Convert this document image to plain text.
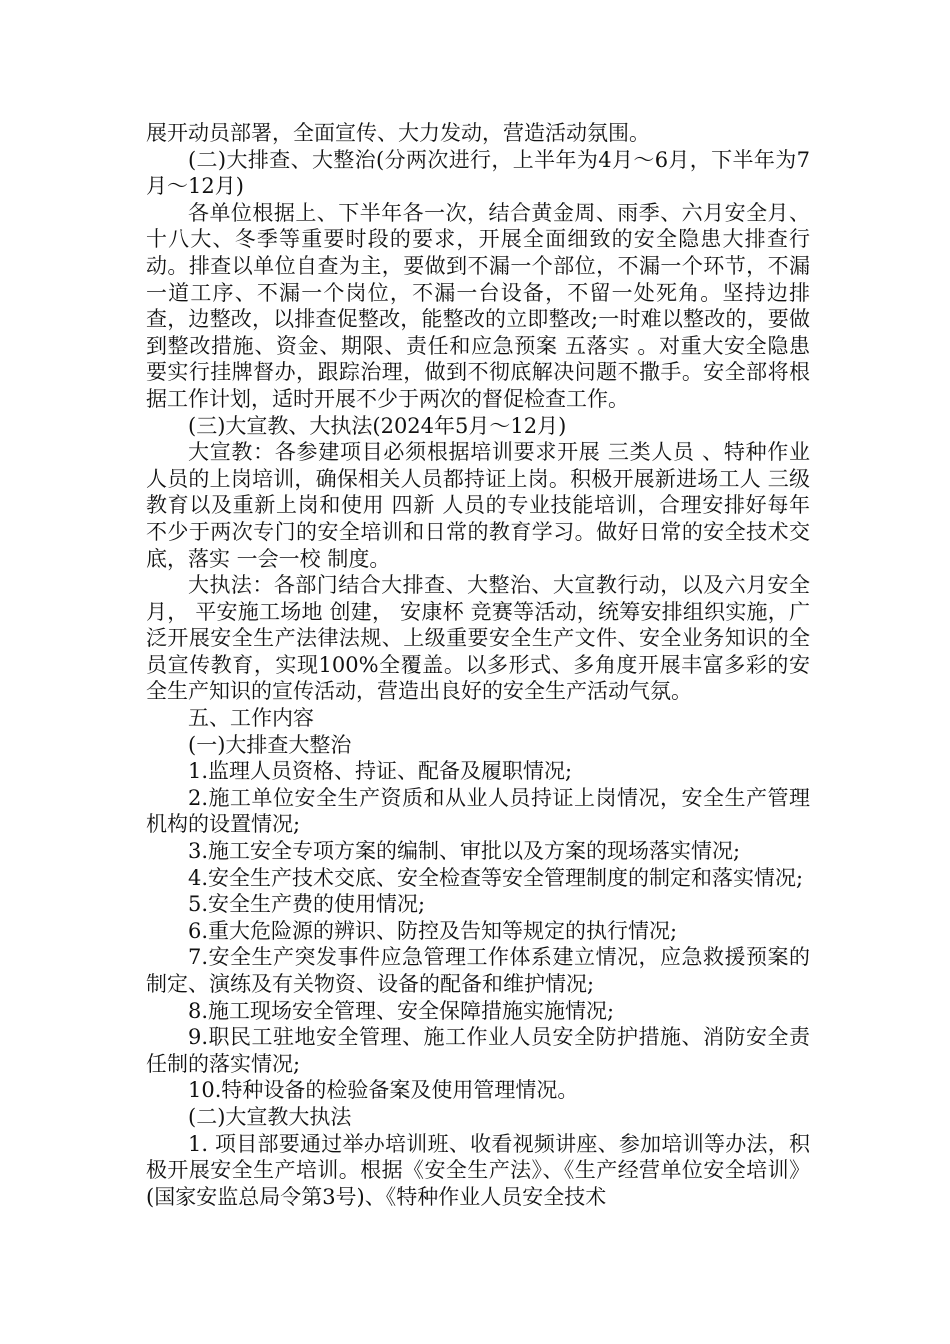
展开动员部署，全面宣传、大力发动，营造活动氛围。

(二)大排查、大整治(分两次进行，上半年为4月～6月，下半年为7月～12月)

各单位根据上、下半年各一次，结合黄金周、雨季、六月安全月、十八大、冬季等重要时段的要求，开展全面细致的安全隐患大排查行动。排查以单位自查为主，要做到不漏一个部位，不漏一个环节，不漏一道工序、不漏一个岗位，不漏一台设备，不留一处死角。坚持边排查，边整改，以排查促整改，能整改的立即整改;一时难以整改的，要做到整改措施、资金、期限、责任和应急预案 五落实 。对重大安全隐患要实行挂牌督办，跟踪治理，做到不彻底解决问题不撒手。安全部将根据工作计划，适时开展不少于两次的督促检查工作。

(三)大宣教、大执法(2024年5月～12月)

大宣教：各参建项目必须根据培训要求开展 三类人员 、特种作业人员的上岗培训，确保相关人员都持证上岗。积极开展新进场工人 三级 教育以及重新上岗和使用 四新 人员的专业技能培训，合理安排好每年不少于两次专门的安全培训和日常的教育学习。做好日常的安全技术交底，落实 一会一校 制度。

大执法：各部门结合大排查、大整治、大宣教行动，以及六月安全月， 平安施工场地 创建， 安康杯 竞赛等活动，统筹安排组织实施，广泛开展安全生产法律法规、上级重要安全生产文件、安全业务知识的全员宣传教育，实现100%全覆盖。以多形式、多角度开展丰富多彩的安全生产知识的宣传活动，营造出良好的安全生产活动气氛。

五、工作内容

(一)大排查大整治

1.监理人员资格、持证、配备及履职情况;

2.施工单位安全生产资质和从业人员持证上岗情况，安全生产管理机构的设置情况;

3.施工安全专项方案的编制、审批以及方案的现场落实情况;

4.安全生产技术交底、安全检查等安全管理制度的制定和落实情况;

5.安全生产费的使用情况;

6.重大危险源的辨识、防控及告知等规定的执行情况;

7.安全生产突发事件应急管理工作体系建立情况，应急救援预案的制定、演练及有关物资、设备的配备和维护情况;

8.施工现场安全管理、安全保障措施实施情况;

9.职民工驻地安全管理、施工作业人员安全防护措施、消防安全责任制的落实情况;

10.特种设备的检验备案及使用管理情况。

(二)大宣教大执法

1. 项目部要通过举办培训班、收看视频讲座、参加培训等办法，积极开展安全生产培训。根据《安全生产法》、《生产经营单位安全培训》(国家安监总局令第3号)、《特种作业人员安全技术
